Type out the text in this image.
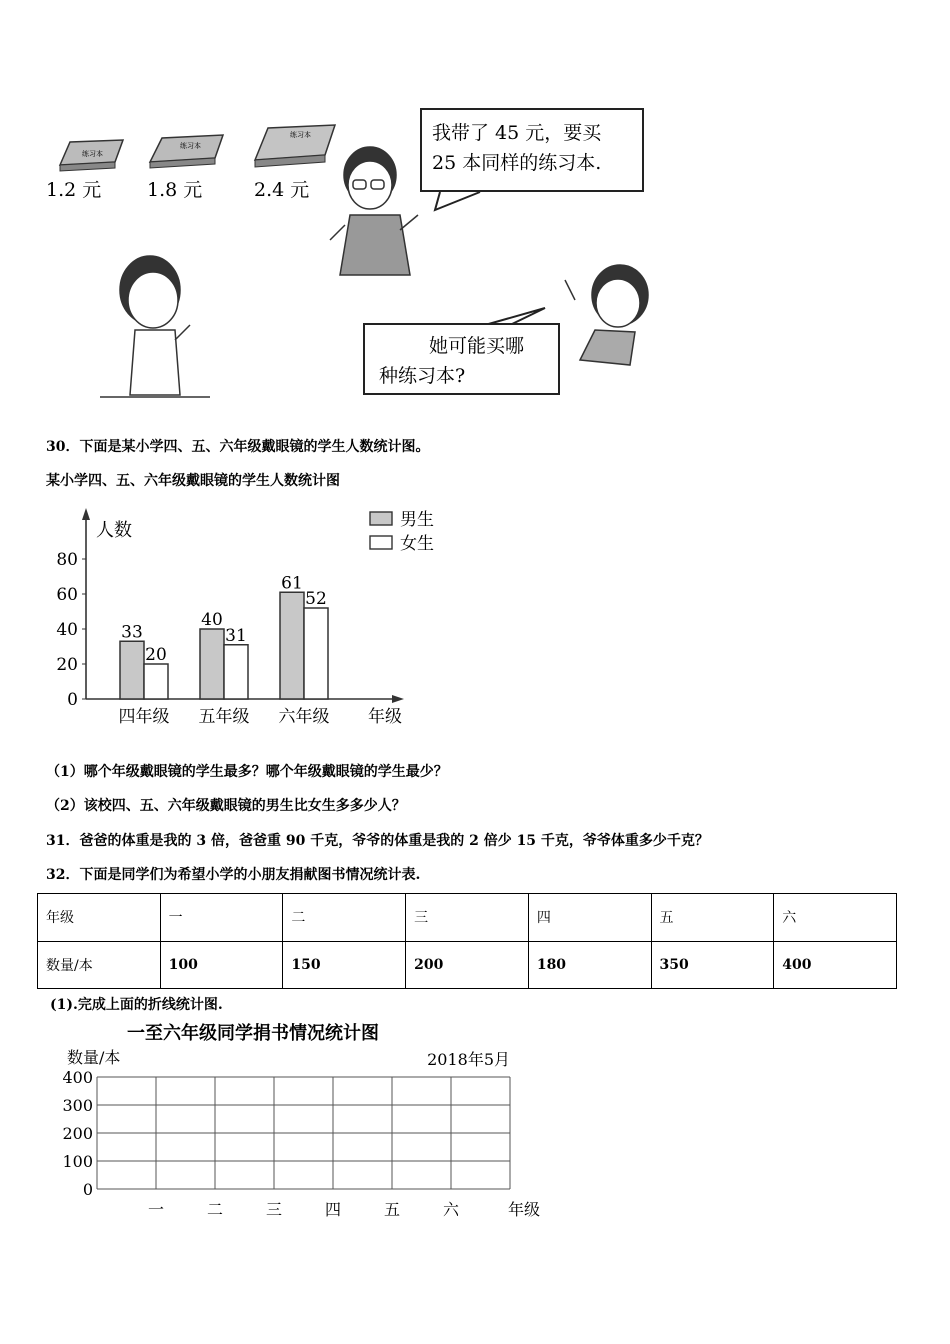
练习本
练习本
练习本
1.2 元 1.8 元	2.4 元
我带了 45 元，要买
25 本同样的练习本.
她可能买哪
种练习本?
30．下面是某小学四、五、六年级戴眼镜的学生人数统计图。
某小学四、五、六年级戴眼镜的学生人数统计图
人数
0
20
40
60
80
33
20
四年级
40
31
五年级
61
52
六年级 年级
男生
女生
（1）哪个年级戴眼镜的学生最多？哪个年级戴眼镜的学生最少？
（2）该校四、五、六年级戴眼镜的男生比女生多多少人？
31．爸爸的体重是我的 3 倍，爸爸重 90 千克，爷爷的体重是我的 2 倍少 15 千克，爷爷体重多少千克？
32．下面是同学们为希望小学的小朋友捐献图书情况统计表.
年级	一	二	三	四	五	六
数量/本	100	150	200	180	350	400
(1).完成上面的折线统计图.
一至六年级同学捐书情况统计图
数量/本	2018年5月
0
100
200
300
400
一	二	三	四	五	六	年级
